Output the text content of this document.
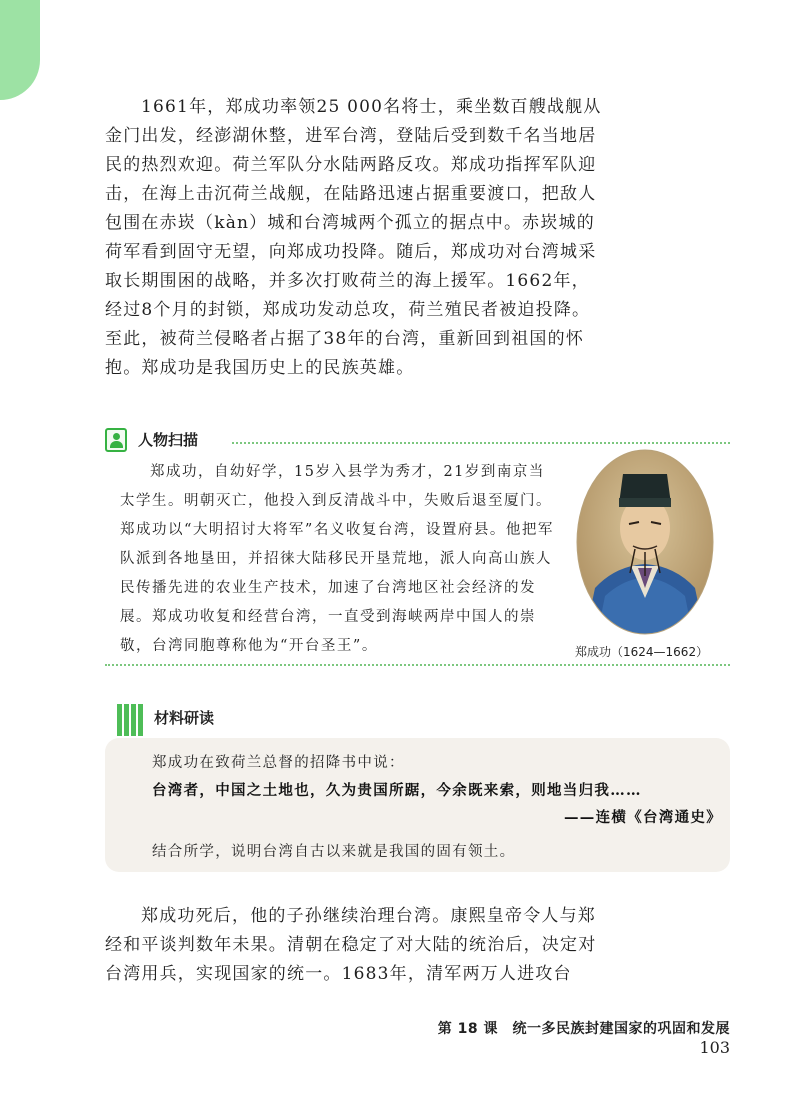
1661年，郑成功率领25 000名将士，乘坐数百艘战舰从金门出发，经澎湖休整，进军台湾，登陆后受到数千名当地居民的热烈欢迎。荷兰军队分水陆两路反攻。郑成功指挥军队迎击，在海上击沉荷兰战舰，在陆路迅速占据重要渡口，把敌人包围在赤崁（kàn）城和台湾城两个孤立的据点中。赤崁城的荷军看到固守无望，向郑成功投降。随后，郑成功对台湾城采取长期围困的战略，并多次打败荷兰的海上援军。1662年，经过8个月的封锁，郑成功发动总攻，荷兰殖民者被迫投降。至此，被荷兰侵略者占据了38年的台湾，重新回到祖国的怀抱。郑成功是我国历史上的民族英雄。

人物扫描

郑成功，自幼好学，15岁入县学为秀才，21岁到南京当太学生。明朝灭亡，他投入到反清战斗中，失败后退至厦门。郑成功以“大明招讨大将军”名义收复台湾，设置府县。他把军队派到各地垦田，并招徕大陆移民开垦荒地，派人向高山族人民传播先进的农业生产技术，加速了台湾地区社会经济的发展。郑成功收复和经营台湾，一直受到海峡两岸中国人的崇敬，台湾同胞尊称他为“开台圣王”。	郑成功（1624—1662）
材料研读

郑成功在致荷兰总督的招降书中说：

台湾者，中国之土地也，久为贵国所踞，今余既来索，则地当归我……

——连横《台湾通史》

结合所学，说明台湾自古以来就是我国的固有领土。

郑成功死后，他的子孙继续治理台湾。康熙皇帝令人与郑经和平谈判数年未果。清朝在稳定了对大陆的统治后，决定对台湾用兵，实现国家的统一。1683年，清军两万人进攻台

第 18 课　统一多民族封建国家的巩固和发展103
